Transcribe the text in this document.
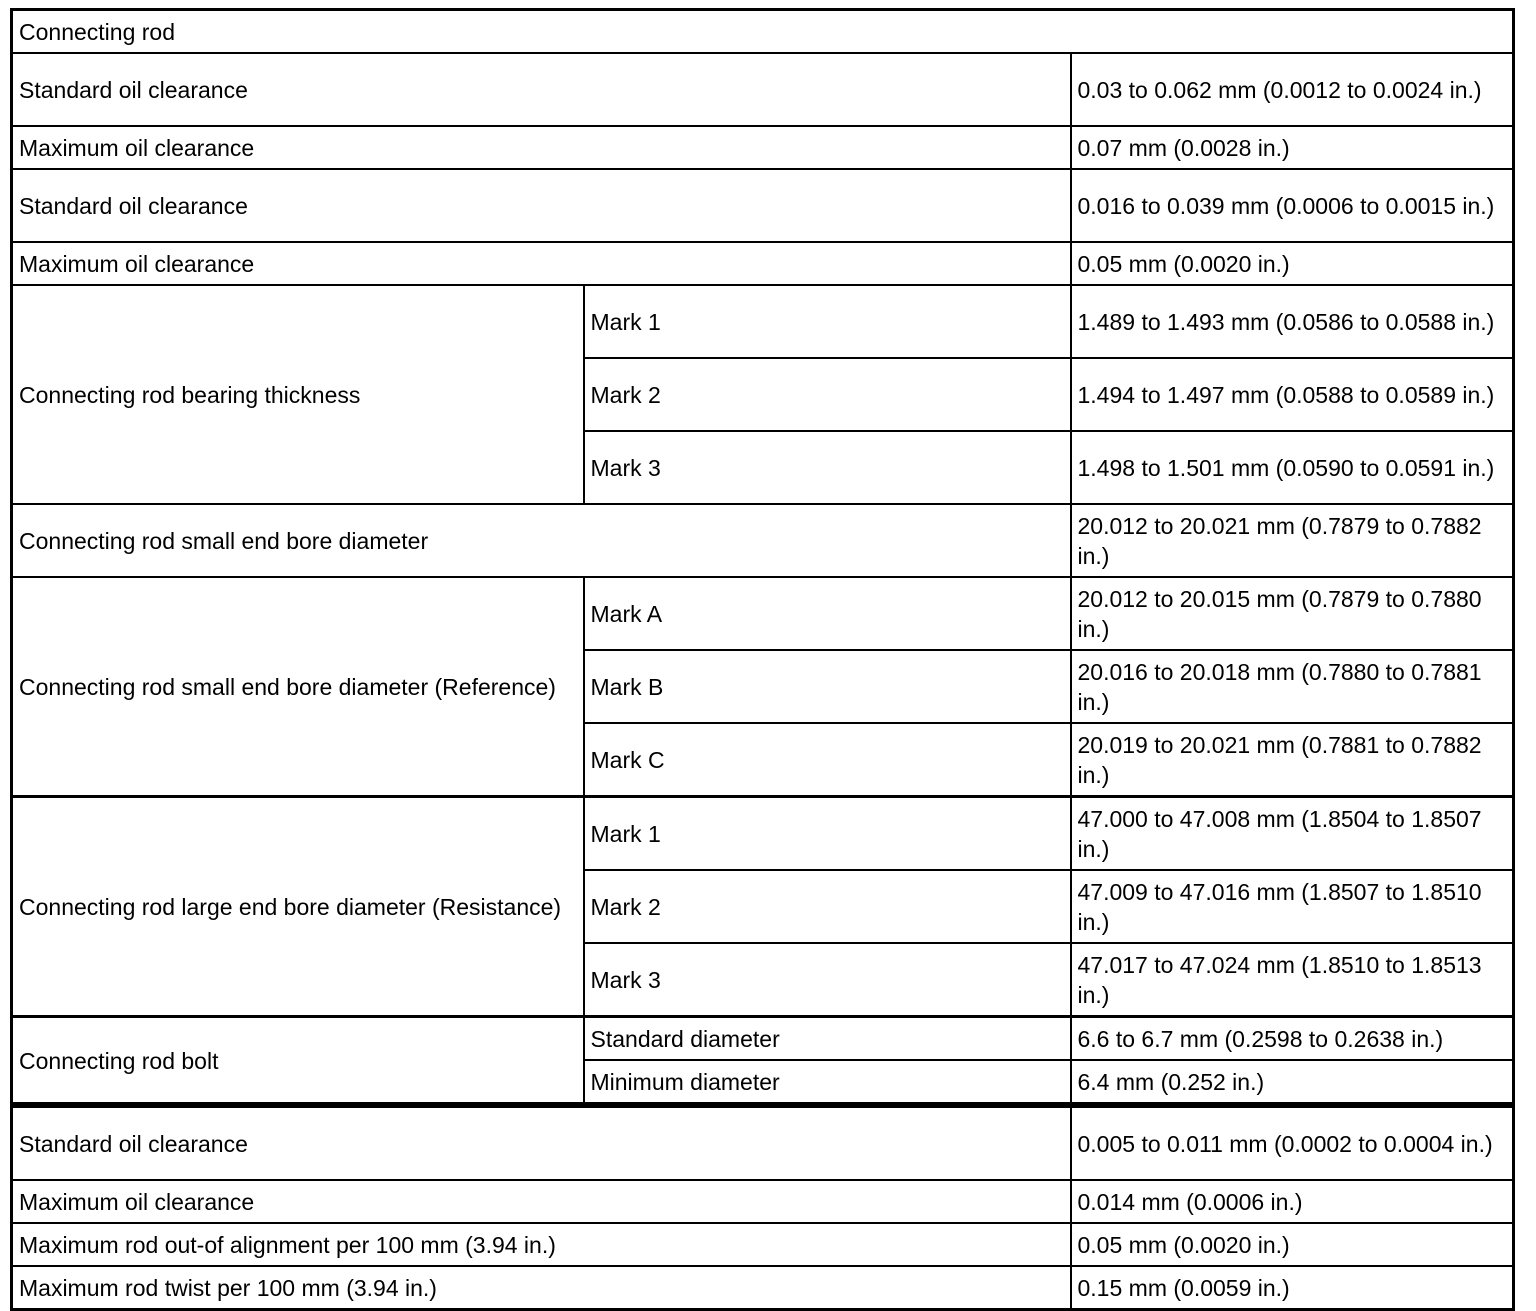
Connecting rod		
Standard oil clearance		0.03 to 0.062 mm (0.0012 to 0.0024 in.)
Maximum oil clearance		0.07 mm (0.0028 in.)
Standard oil clearance		0.016 to 0.039 mm (0.0006 to 0.0015 in.)
Maximum oil clearance		0.05 mm (0.0020 in.)
Connecting rod bearing thickness	Mark 1	1.489 to 1.493 mm (0.0586 to 0.0588 in.)
	Mark 2	1.494 to 1.497 mm (0.0588 to 0.0589 in.)
	Mark 3	1.498 to 1.501 mm (0.0590 to 0.0591 in.)
Connecting rod small end bore diameter		20.012 to 20.021 mm (0.7879 to 0.7882 in.)
Connecting rod small end bore diameter (Reference)	Mark A	20.012 to 20.015 mm (0.7879 to 0.7880 in.)
	Mark B	20.016 to 20.018 mm (0.7880 to 0.7881 in.)
	Mark C	20.019 to 20.021 mm (0.7881 to 0.7882 in.)
Connecting rod large end bore diameter (Resistance)	Mark 1	47.000 to 47.008 mm (1.8504 to 1.8507 in.)
	Mark 2	47.009 to 47.016 mm (1.8507 to 1.8510 in.)
	Mark 3	47.017 to 47.024 mm (1.8510 to 1.8513 in.)
Connecting rod bolt	Standard diameter	6.6 to 6.7 mm (0.2598 to 0.2638 in.)
	Minimum diameter	6.4 mm (0.252 in.)
Standard oil clearance	0.005 to 0.011 mm (0.0002 to 0.0004 in.)
Maximum oil clearance	0.014 mm (0.0006 in.)
Maximum rod out-of alignment per 100 mm (3.94 in.)	0.05 mm (0.0020 in.)
Maximum rod twist per 100 mm (3.94 in.)	0.15 mm (0.0059 in.)
